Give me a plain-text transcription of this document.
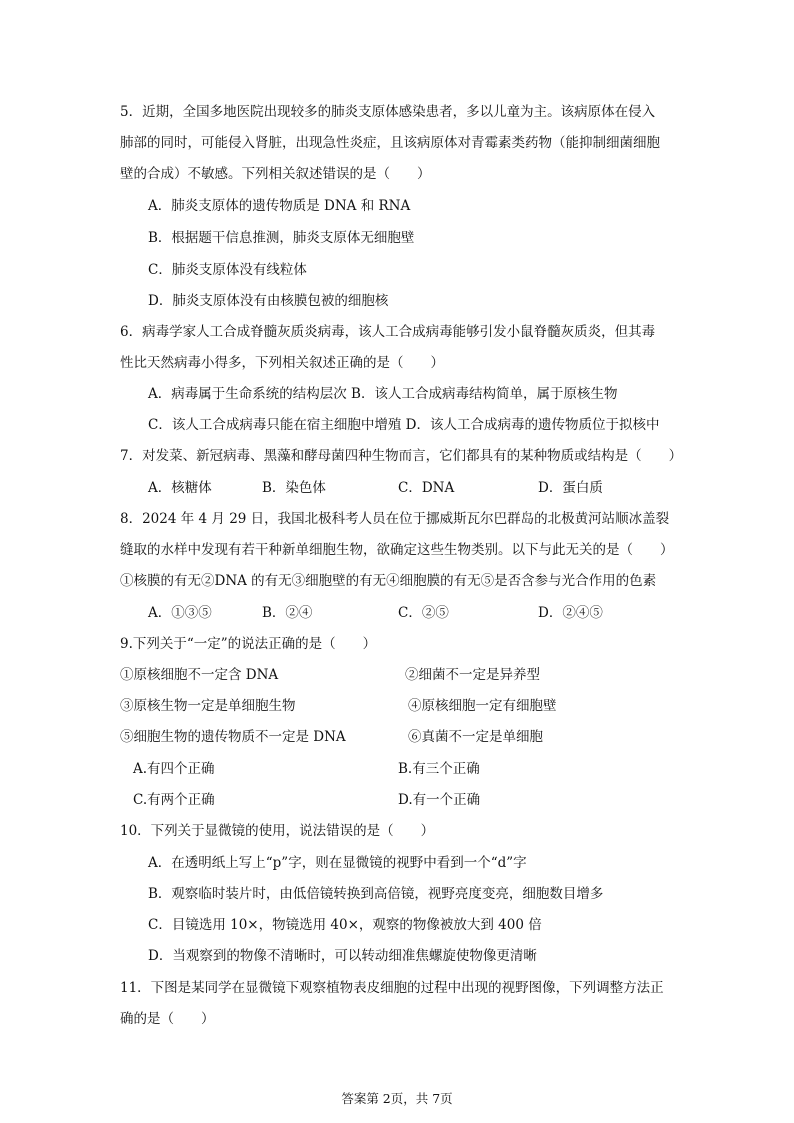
5．近期，全国多地医院出现较多的肺炎支原体感染患者，多以儿童为主。该病原体在侵入
肺部的同时，可能侵入肾脏，出现急性炎症，且该病原体对青霉素类药物（能抑制细菌细胞
壁的合成）不敏感。下列相关叙述错误的是（　　）
A．肺炎支原体的遗传物质是 DNA 和 RNA
B．根据题干信息推测，肺炎支原体无细胞壁
C．肺炎支原体没有线粒体
D．肺炎支原体没有由核膜包被的细胞核
6．病毒学家人工合成脊髓灰质炎病毒，该人工合成病毒能够引发小鼠脊髓灰质炎，但其毒
性比天然病毒小得多，下列相关叙述正确的是（　　）
A．病毒属于生命系统的结构层次 B．该人工合成病毒结构简单，属于原核生物
C．该人工合成病毒只能在宿主细胞中增殖 D．该人工合成病毒的遗传物质位于拟核中
7．对发菜、新冠病毒、黑藻和酵母菌四种生物而言，它们都具有的某种物质或结构是（　　）
A．核糖体	B．染色体	C．DNA	D．蛋白质
8．2024 年 4 月 29 日，我国北极科考人员在位于挪威斯瓦尔巴群岛的北极黄河站顺冰盖裂
缝取的水样中发现有若干种新单细胞生物，欲确定这些生物类别。以下与此无关的是（　　）
①核膜的有无②DNA 的有无③细胞壁的有无④细胞膜的有无⑤是否含参与光合作用的色素
A．①③⑤	B．②④	C．②⑤	D．②④⑤
9.下列关于“一定”的说法正确的是（　　）
①原核细胞不一定含 DNA	②细菌不一定是异养型
③原核生物一定是单细胞生物	④原核细胞一定有细胞壁
⑤细胞生物的遗传物质不一定是 DNA	⑥真菌不一定是单细胞
A.有四个正确	B.有三个正确
C.有两个正确	D.有一个正确
10．下列关于显微镜的使用，说法错误的是（　　）
A．在透明纸上写上“p”字，则在显微镜的视野中看到一个“d”字
B．观察临时装片时，由低倍镜转换到高倍镜，视野亮度变亮，细胞数目增多
C．目镜选用 10×，物镜选用 40×，观察的物像被放大到 400 倍
D．当观察到的物像不清晰时，可以转动细准焦螺旋使物像更清晰
11．下图是某同学在显微镜下观察植物表皮细胞的过程中出现的视野图像，下列调整方法正
确的是（　　）
答案第 2页，共 7页
